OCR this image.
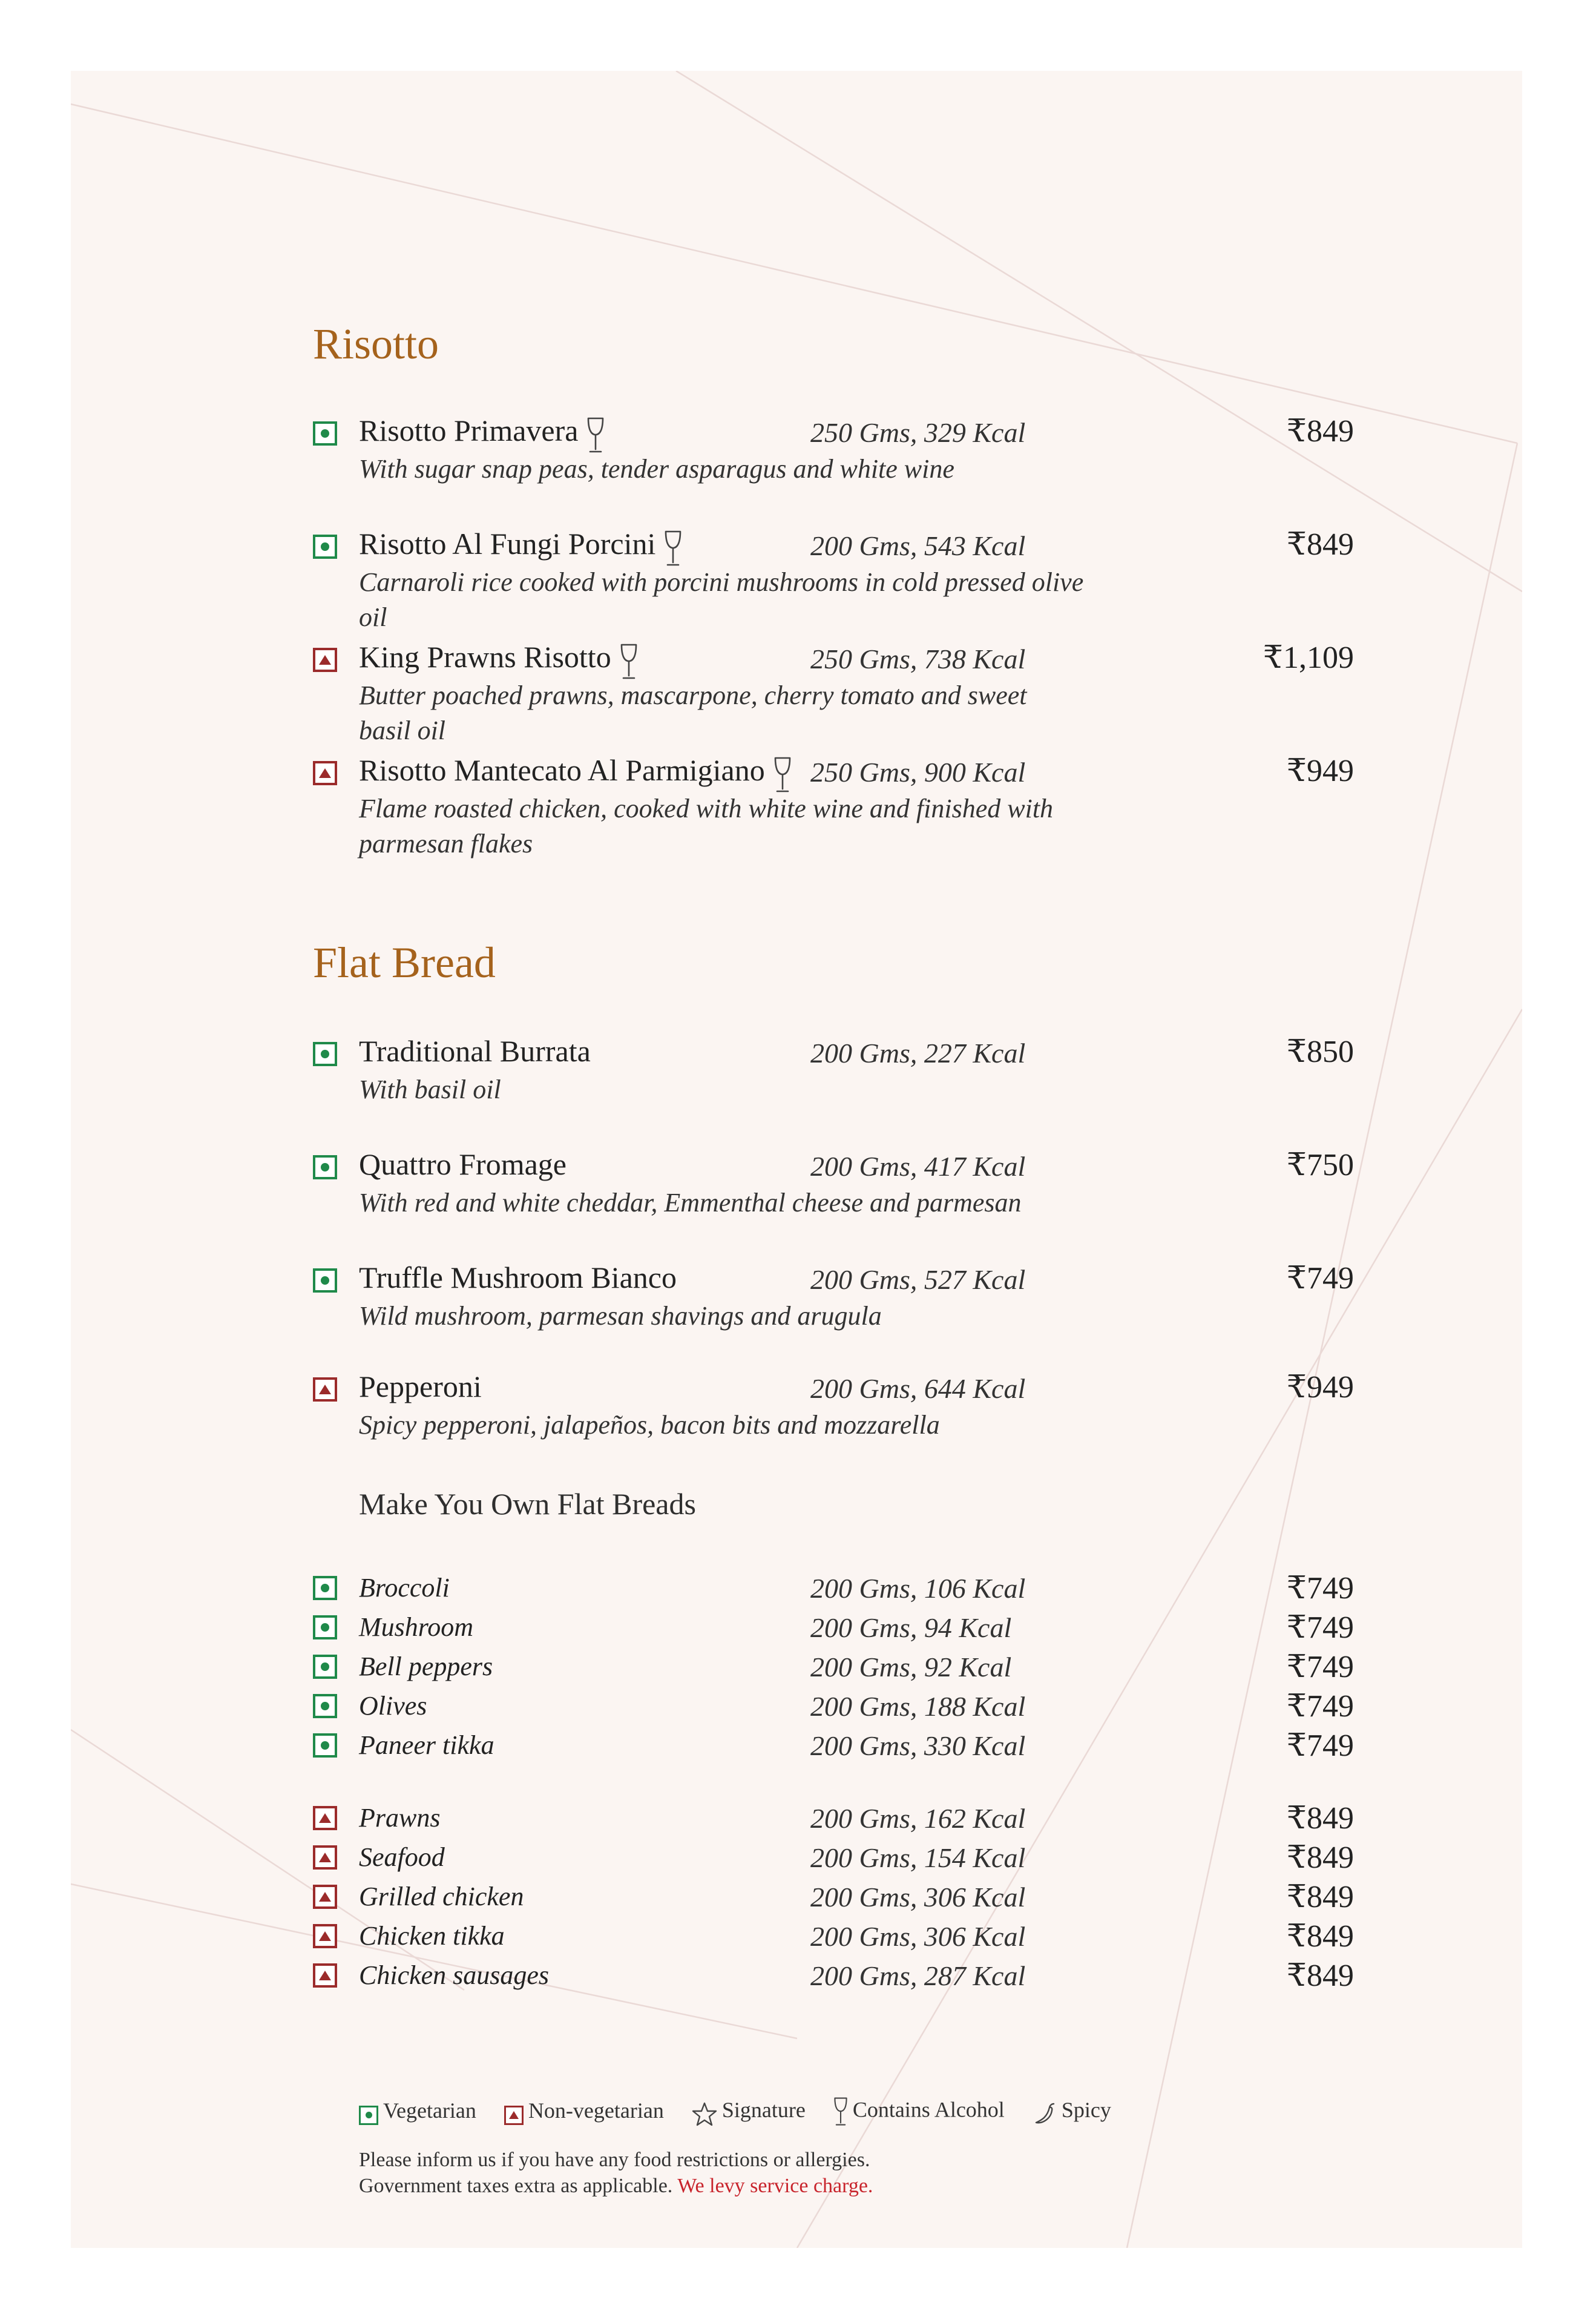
Risotto
Risotto Primavera	250 Gms, 329 Kcal	₹849
With sugar snap peas, tender asparagus and white wine
Risotto Al Fungi Porcini	200 Gms, 543 Kcal	₹849
Carnaroli rice cooked with porcini mushrooms in cold pressed olive oil
King Prawns Risotto	250 Gms, 738 Kcal	₹1,109
Butter poached prawns, mascarpone, cherry tomato and sweet basil oil
Risotto Mantecato Al Parmigiano	250 Gms, 900 Kcal	₹949
Flame roasted chicken, cooked with white wine and finished with
parmesan flakes
Flat Bread
Traditional Burrata	200 Gms, 227 Kcal	₹850
With basil oil
Quattro Fromage	200 Gms, 417 Kcal	₹750
With red and white cheddar, Emmenthal cheese and parmesan
Truffle Mushroom Bianco	200 Gms, 527 Kcal	₹749
Wild mushroom, parmesan shavings and arugula
Pepperoni	200 Gms, 644 Kcal	₹949
Spicy pepperoni, jalapeños, bacon bits and mozzarella
Make You Own Flat Breads
Broccoli	200 Gms, 106 Kcal	₹749
Mushroom	200 Gms, 94 Kcal	₹749
Bell peppers	200 Gms, 92 Kcal	₹749
Olives	200 Gms, 188 Kcal	₹749
Paneer tikka	200 Gms, 330 Kcal	₹749
Prawns	200 Gms, 162 Kcal	₹849
Seafood	200 Gms, 154 Kcal	₹849
Grilled chicken	200 Gms, 306 Kcal	₹849
Chicken tikka	200 Gms, 306 Kcal	₹849
Chicken sausages	200 Gms, 287 Kcal	₹849
Vegetarian Non-vegetarian	Signature Contains Alcohol	Spicy
Please inform us if you have any food restrictions or allergies.
Government taxes extra as applicable. We levy service charge.
